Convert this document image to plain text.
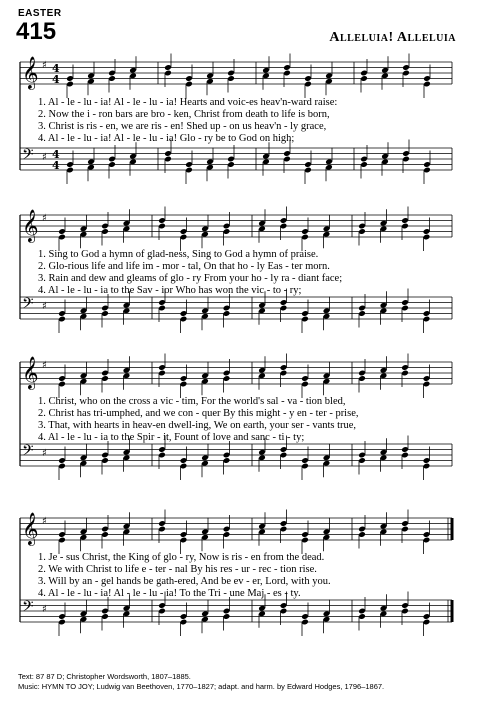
EASTER
415	Alleluia! Alleluia
𝄞 ♯ 4
4
𝄢 ♯ 4
4
1. Al - le - lu - ia! Al - le - lu - ia! Hearts and voic-es heav'n-ward raise:
2. Now the i - ron bars are bro - ken, Christ from death to life is born,
3. Christ is ris - en, we are ris - en! Shed up - on us heav'n - ly grace,
4. Al - le - lu - ia! Al - le - lu - ia! Glo - ry be to God on high;
𝄞 ♯
𝄢 ♯
1. Sing to God a hymn of glad-ness, Sing to God a hymn of praise.
2. Glo-rious life and life im - mor - tal, On that ho - ly Eas - ter morn.
3. Rain and dew and gleams of glo - ry From your ho - ly ra - diant face;
4. Al - le - lu - ia to the Sav - ior Who has won the vic - to - ry;
𝄞 ♯
𝄢 ♯
1. Christ, who on the cross a vic - tim, For the world's sal - va - tion bled,
2. Christ has tri-umphed, and we con - quer By this might - y en - ter - prise,
3. That, with hearts in heav-en dwell-ing, We on earth, your ser - vants true,
4. Al - le - lu - ia to the Spir - it, Fount of love and sanc - ti - ty;
𝄞 ♯
𝄢 ♯
1. Je - sus Christ, the King of glo - ry, Now is ris - en from the dead.
2. We with Christ to life e - ter - nal By his res - ur - rec - tion rise.
3. Will by an - gel hands be gath-ered, And be ev - er, Lord, with you.
4. Al - le - lu - ia! Al - le - lu - ia! To the Tri - une Maj - es - ty.
Text: 87 87 D; Christopher Wordsworth, 1807–1885.
Music: HYMN TO JOY; Ludwig van Beethoven, 1770–1827; adapt. and harm. by Edward Hodges, 1796–1867.
